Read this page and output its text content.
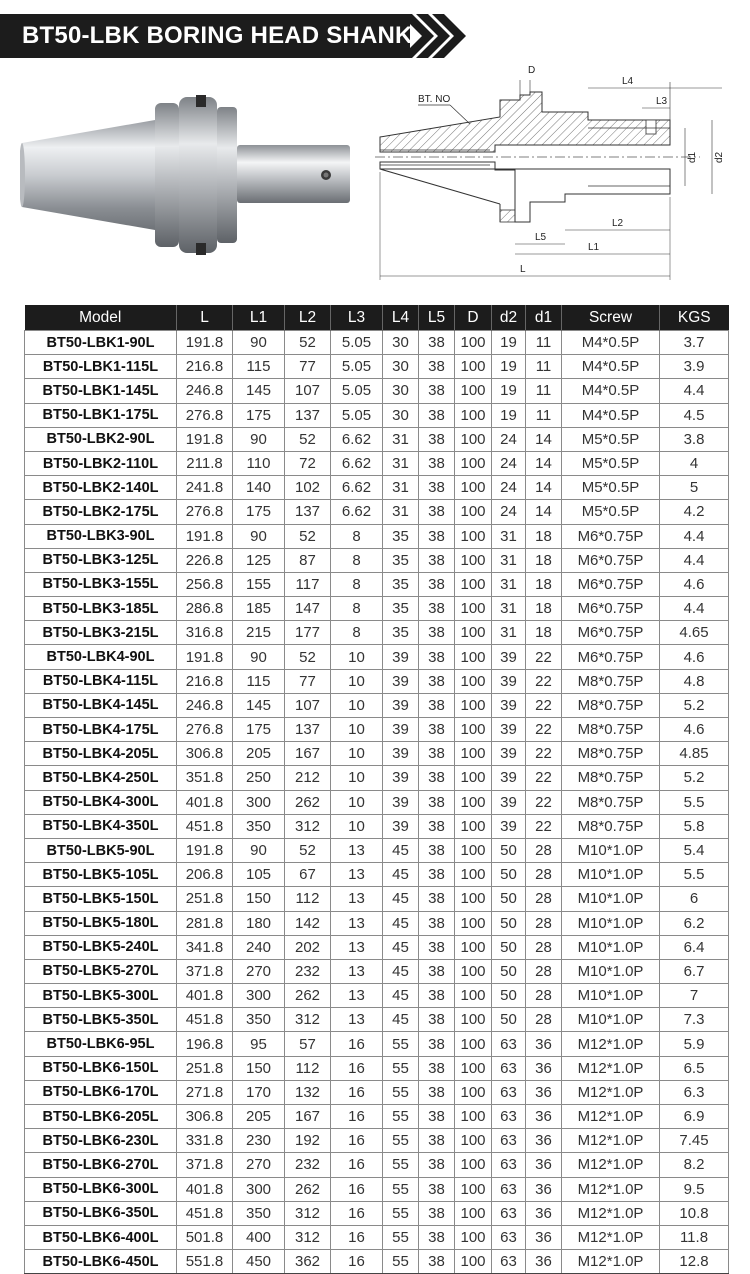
BT50-LBK BORING HEAD SHANK
BT. NO
D
L4
L3
d1 d2
L2
L5
L1
L
Model	L	L1	L2	L3	L4	L5	D	d2	d1	Screw	KGS
BT50-LBK1-90L	191.8	90	52	5.05	30	38	100	19	11	M4*0.5P	3.7
BT50-LBK1-115L	216.8	115	77	5.05	30	38	100	19	11	M4*0.5P	3.9
BT50-LBK1-145L	246.8	145	107	5.05	30	38	100	19	11	M4*0.5P	4.4
BT50-LBK1-175L	276.8	175	137	5.05	30	38	100	19	11	M4*0.5P	4.5
BT50-LBK2-90L	191.8	90	52	6.62	31	38	100	24	14	M5*0.5P	3.8
BT50-LBK2-110L	211.8	110	72	6.62	31	38	100	24	14	M5*0.5P	4
BT50-LBK2-140L	241.8	140	102	6.62	31	38	100	24	14	M5*0.5P	5
BT50-LBK2-175L	276.8	175	137	6.62	31	38	100	24	14	M5*0.5P	4.2
BT50-LBK3-90L	191.8	90	52	8	35	38	100	31	18	M6*0.75P	4.4
BT50-LBK3-125L	226.8	125	87	8	35	38	100	31	18	M6*0.75P	4.4
BT50-LBK3-155L	256.8	155	117	8	35	38	100	31	18	M6*0.75P	4.6
BT50-LBK3-185L	286.8	185	147	8	35	38	100	31	18	M6*0.75P	4.4
BT50-LBK3-215L	316.8	215	177	8	35	38	100	31	18	M6*0.75P	4.65
BT50-LBK4-90L	191.8	90	52	10	39	38	100	39	22	M6*0.75P	4.6
BT50-LBK4-115L	216.8	115	77	10	39	38	100	39	22	M8*0.75P	4.8
BT50-LBK4-145L	246.8	145	107	10	39	38	100	39	22	M8*0.75P	5.2
BT50-LBK4-175L	276.8	175	137	10	39	38	100	39	22	M8*0.75P	4.6
BT50-LBK4-205L	306.8	205	167	10	39	38	100	39	22	M8*0.75P	4.85
BT50-LBK4-250L	351.8	250	212	10	39	38	100	39	22	M8*0.75P	5.2
BT50-LBK4-300L	401.8	300	262	10	39	38	100	39	22	M8*0.75P	5.5
BT50-LBK4-350L	451.8	350	312	10	39	38	100	39	22	M8*0.75P	5.8
BT50-LBK5-90L	191.8	90	52	13	45	38	100	50	28	M10*1.0P	5.4
BT50-LBK5-105L	206.8	105	67	13	45	38	100	50	28	M10*1.0P	5.5
BT50-LBK5-150L	251.8	150	112	13	45	38	100	50	28	M10*1.0P	6
BT50-LBK5-180L	281.8	180	142	13	45	38	100	50	28	M10*1.0P	6.2
BT50-LBK5-240L	341.8	240	202	13	45	38	100	50	28	M10*1.0P	6.4
BT50-LBK5-270L	371.8	270	232	13	45	38	100	50	28	M10*1.0P	6.7
BT50-LBK5-300L	401.8	300	262	13	45	38	100	50	28	M10*1.0P	7
BT50-LBK5-350L	451.8	350	312	13	45	38	100	50	28	M10*1.0P	7.3
BT50-LBK6-95L	196.8	95	57	16	55	38	100	63	36	M12*1.0P	5.9
BT50-LBK6-150L	251.8	150	112	16	55	38	100	63	36	M12*1.0P	6.5
BT50-LBK6-170L	271.8	170	132	16	55	38	100	63	36	M12*1.0P	6.3
BT50-LBK6-205L	306.8	205	167	16	55	38	100	63	36	M12*1.0P	6.9
BT50-LBK6-230L	331.8	230	192	16	55	38	100	63	36	M12*1.0P	7.45
BT50-LBK6-270L	371.8	270	232	16	55	38	100	63	36	M12*1.0P	8.2
BT50-LBK6-300L	401.8	300	262	16	55	38	100	63	36	M12*1.0P	9.5
BT50-LBK6-350L	451.8	350	312	16	55	38	100	63	36	M12*1.0P	10.8
BT50-LBK6-400L	501.8	400	312	16	55	38	100	63	36	M12*1.0P	11.8
BT50-LBK6-450L	551.8	450	362	16	55	38	100	63	36	M12*1.0P	12.8
